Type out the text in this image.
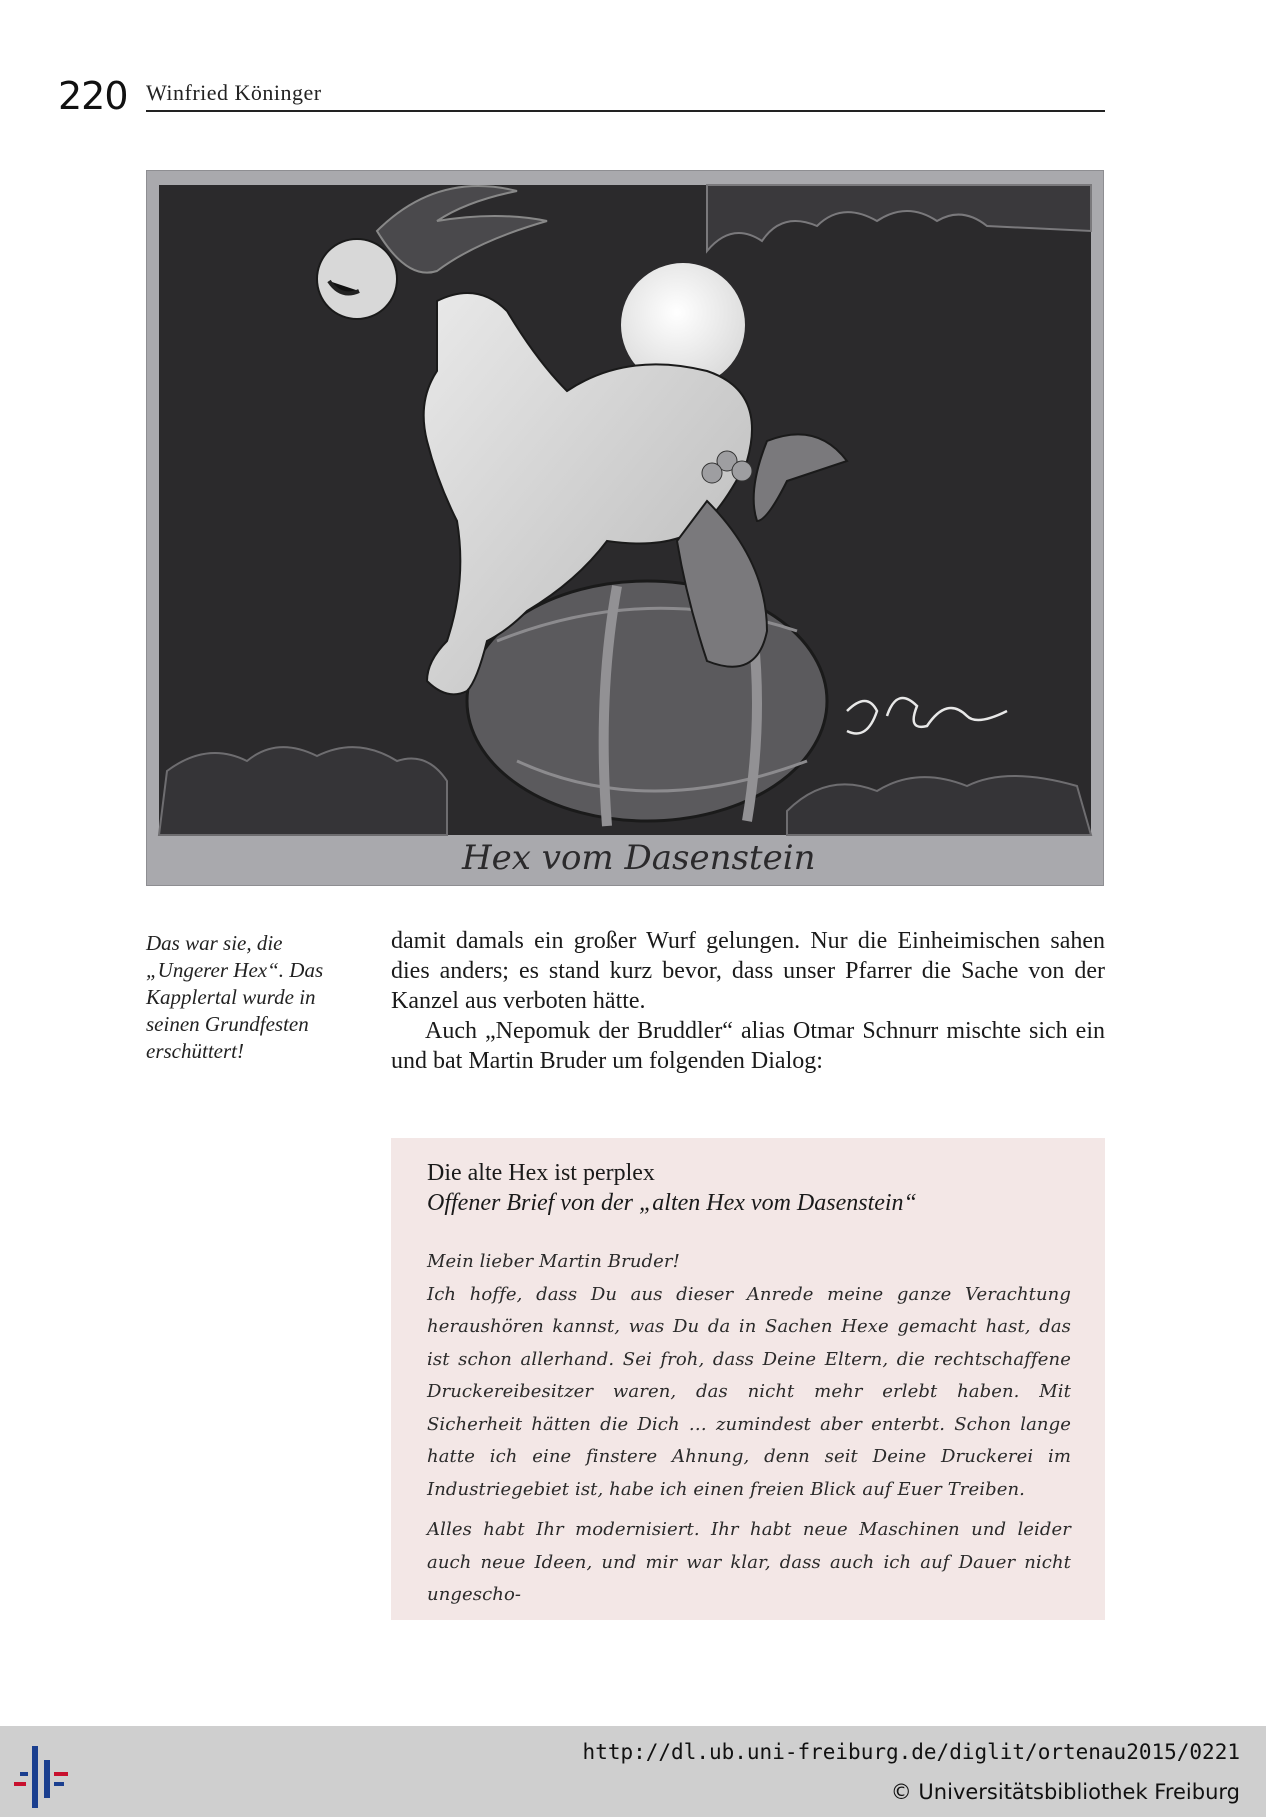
220 Winfried Köninger
Hex vom Dasenstein
Das war sie, die „Ungerer Hex“. Das Kapplertal wurde in seinen Grundfesten erschüttert!

damit damals ein großer Wurf gelungen. Nur die Einheimischen sahen dies anders; es stand kurz bevor, dass unser Pfarrer die Sache von der Kanzel aus verboten hätte.

Auch „Nepomuk der Bruddler“ alias Otmar Schnurr mischte sich ein und bat Martin Bruder um folgenden Dialog:

Die alte Hex ist perplex
Offener Brief von der „alten Hex vom Dasenstein“

Mein lieber Martin Bruder!

Ich hoffe, dass Du aus dieser Anrede meine ganze Verachtung heraushören kannst, was Du da in Sachen Hexe gemacht hast, das ist schon allerhand. Sei froh, dass Deine Eltern, die rechtschaffene Druckereibesitzer waren, das nicht mehr erlebt haben. Mit Sicherheit hätten die Dich … zumindest aber enterbt. Schon lange hatte ich eine finstere Ahnung, denn seit Deine Druckerei im Industriegebiet ist, habe ich einen freien Blick auf Euer Treiben.

Alles habt Ihr modernisiert. Ihr habt neue Maschinen und leider auch neue Ideen, und mir war klar, dass auch ich auf Dauer nicht ungescho-

http://dl.ub.uni-freiburg.de/diglit/ortenau2015/0221
© Universitätsbibliothek Freiburg
